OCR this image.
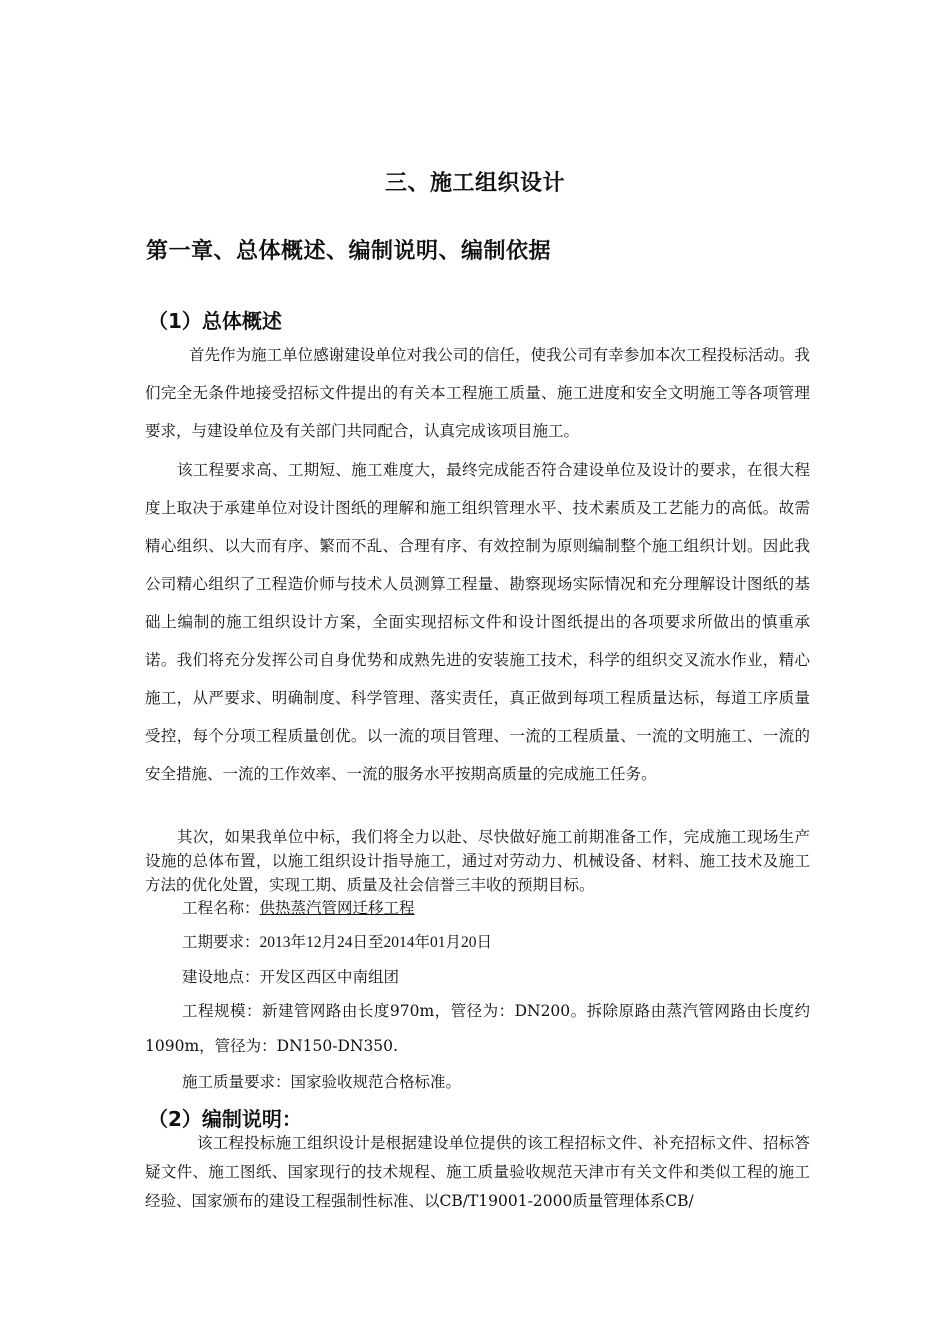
三、施工组织设计
第一章、总体概述、编制说明、编制依据
（1）总体概述

首先作为施工单位感谢建设单位对我公司的信任，使我公司有幸参加本次工程投标活动。我们完全无条件地接受招标文件提出的有关本工程施工质量、施工进度和安全文明施工等各项管理要求，与建设单位及有关部门共同配合，认真完成该项目施工。

该工程要求高、工期短、施工难度大，最终完成能否符合建设单位及设计的要求，在很大程度上取决于承建单位对设计图纸的理解和施工组织管理水平、技术素质及工艺能力的高低。故需精心组织、以大而有序、繁而不乱、合理有序、有效控制为原则编制整个施工组织计划。因此我公司精心组织了工程造价师与技术人员测算工程量、勘察现场实际情况和充分理解设计图纸的基础上编制的施工组织设计方案，全面实现招标文件和设计图纸提出的各项要求所做出的慎重承诺。我们将充分发挥公司自身优势和成熟先进的安装施工技术，科学的组织交叉流水作业，精心施工，从严要求、明确制度、科学管理、落实责任，真正做到每项工程质量达标，每道工序质量受控，每个分项工程质量创优。以一流的项目管理、一流的工程质量、一流的文明施工、一流的安全措施、一流的工作效率、一流的服务水平按期高质量的完成施工任务。

其次，如果我单位中标，我们将全力以赴、尽快做好施工前期准备工作，完成施工现场生产设施的总体布置，以施工组织设计指导施工，通过对劳动力、机械设备、材料、施工技术及施工方法的优化处置，实现工期、质量及社会信誉三丰收的预期目标。

工程名称：供热蒸汽管网迁移工程

工期要求：2013年12月24日至2014年01月20日

建设地点：开发区西区中南组团

工程规模：新建管网路由长度970m，管径为：DN200。拆除原路由蒸汽管网路由长度约1090m，管径为：DN150-DN350.

施工质量要求：国家验收规范合格标准。

（2）编制说明：

该工程投标施工组织设计是根据建设单位提供的该工程招标文件、补充招标文件、招标答疑文件、施工图纸、国家现行的技术规程、施工质量验收规范天津市有关文件和类似工程的施工经验、国家颁布的建设工程强制性标准、以CB/T19001-2000质量管理体系CB/
